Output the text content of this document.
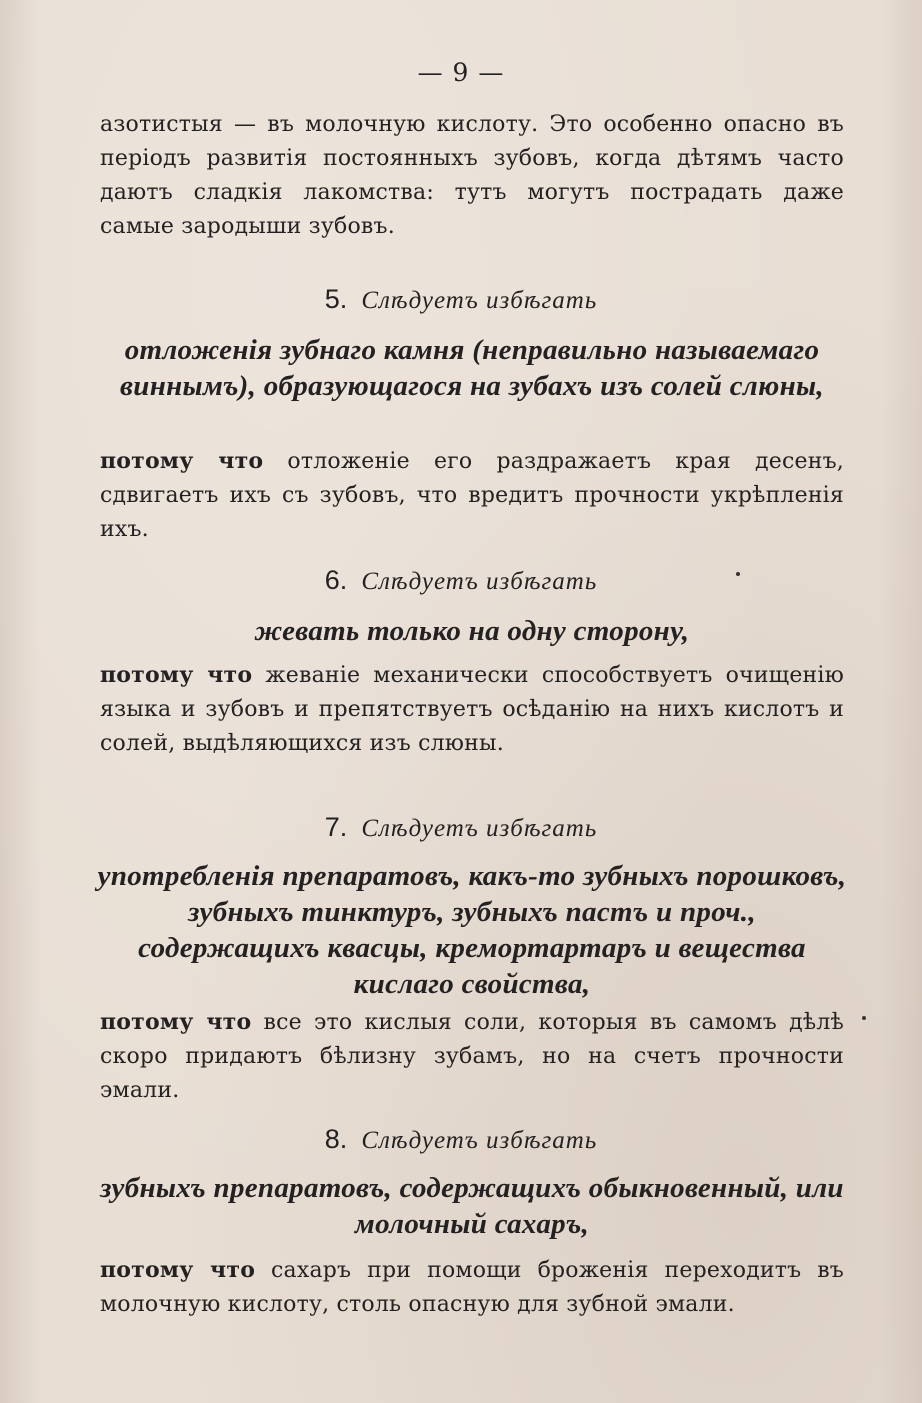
— 9 —
азотистыя — въ молочную кислоту. Это особенно опасно въ періодъ развитія постоянныхъ зубовъ, когда дѣтямъ часто даютъ сладкія лакомства: тутъ могутъ пострадать даже самые зародыши зубовъ.
5. Слѣдуетъ избѣгать
отложенія зубнаго камня (неправильно называемаго виннымъ), образующагося на зубахъ изъ солей слюны,
потому что отложеніе его раздражаетъ края десенъ, сдвигаетъ ихъ съ зубовъ, что вредитъ прочности укрѣпленія ихъ.
6. Слѣдуетъ избѣгать
жевать только на одну сторону,
потому что жеваніе механически способствуетъ очищенію языка и зубовъ и препятствуетъ осѣданію на нихъ кислотъ и солей, выдѣляющихся изъ слюны.
7. Слѣдуетъ избѣгать
употребленія препаратовъ, какъ-то зубныхъ порошковъ, зубныхъ тинктуръ, зубныхъ пастъ и проч., содержащихъ квасцы, кремортартаръ и вещества кислаго свойства,
потому что все это кислыя соли, которыя въ самомъ дѣлѣ скоро придаютъ бѣлизну зубамъ, но на счетъ прочности эмали.
8. Слѣдуетъ избѣгать
зубныхъ препаратовъ, содержащихъ обыкновенный, или молочный сахаръ,
потому что сахаръ при помощи броженія переходитъ въ молочную кислоту, столь опасную для зубной эмали.
